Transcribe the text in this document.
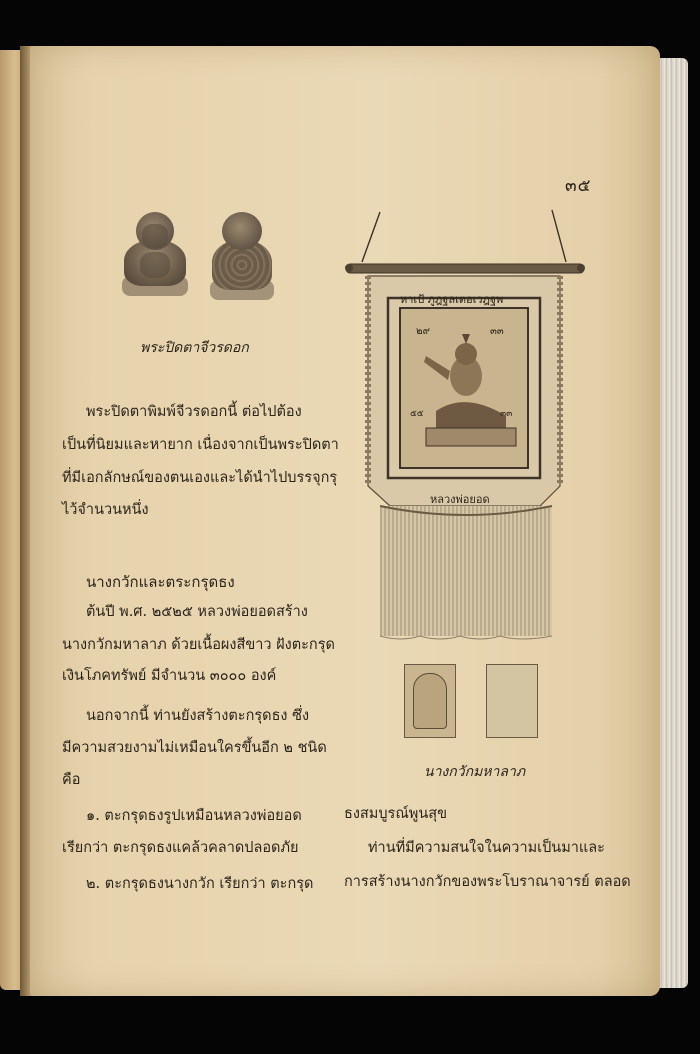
๓๕
พระปิดตาจีวรดอก
พระปิดตาพิมพ์จีวรดอกนี้ ต่อไปต้อง
เป็นที่นิยมและหายาก เนื่องจากเป็นพระปิดตา
ที่มีเอกลักษณ์ของตนเองและได้นำไปบรรจุกรุ
ไว้จำนวนหนึ่ง
นางกวักและตระกรุดธง
ต้นปี พ.ศ. ๒๕๒๕ หลวงพ่อยอดสร้าง
นางกวักมหาลาภ ด้วยเนื้อผงสีขาว ฝังตะกรุด
เงินโภคทรัพย์ มีจำนวน ๓๐๐๐ องค์
นอกจากนี้ ท่านยังสร้างตะกรุดธง ซึ่ง
มีความสวยงามไม่เหมือนใครขึ้นอีก ๒ ชนิด
คือ
๑. ตะกรุดธงรูปเหมือนหลวงพ่อยอด
เรียกว่า ตะกรุดธงแคล้วคลาดปลอดภัย
๒. ตะกรุดธงนางกวัก เรียกว่า ตะกรุด
๒๙	๓๓
๕๕	๓๓
หาเป้ ภูฎฐลเตอเวฎฐพ
หลวงพ่อยอด
นางกวักมหาลาภ
ธงสมบูรณ์พูนสุข
ท่านที่มีความสนใจในความเป็นมาและ
การสร้างนางกวักของพระโบราณาจารย์ ตลอด
